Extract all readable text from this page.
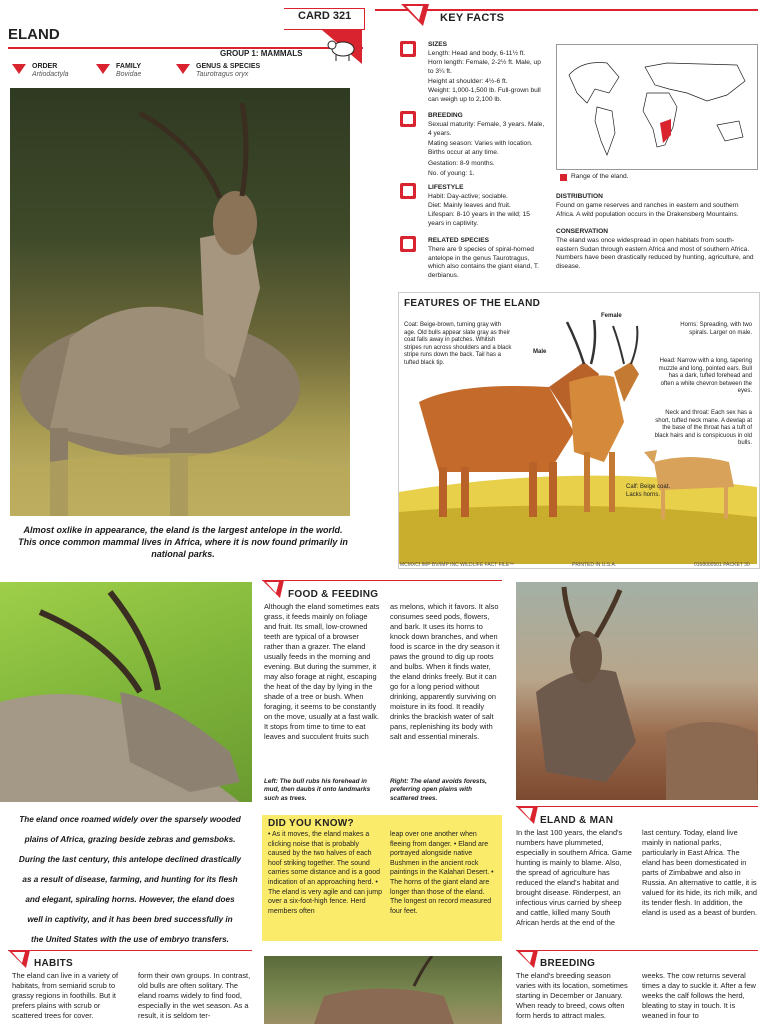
ELAND
CARD 321
GROUP 1: MAMMALS
ORDER
Artiodactyla
FAMILY
Bovidae
GENUS & SPECIES
Taurotragus oryx
Almost oxlike in appearance, the eland is the largest antelope in the world. This once common mammal lives in Africa, where it is now found primarily in national parks.
KEY FACTS
SIZES
Length: Head and body, 6-11½ ft.
Horn length: Female, 2-2½ ft. Male, up to 3¼ ft.
Height at shoulder: 4½-6 ft.
Weight: 1,000-1,500 lb. Full-grown bull can weigh up to 2,100 lb.
BREEDING
Sexual maturity: Female, 3 years. Male, 4 years.
Mating season: Varies with location. Births occur at any time.
Gestation: 8-9 months.
No. of young: 1.
LIFESTYLE
Habit: Day-active; sociable.
Diet: Mainly leaves and fruit.
Lifespan: 8-10 years in the wild; 15 years in captivity.
RELATED SPECIES
There are 9 species of spiral-horned antelope in the genus Taurotragus, which also contains the giant eland, T. derbianus.
Range of the eland.
DISTRIBUTION
Found on game reserves and ranches in eastern and southern Africa. A wild population occurs in the Drakensberg Mountains.
CONSERVATION
The eland was once widespread in open habitats from south-eastern Sudan through eastern Africa and most of southern Africa. Numbers have been drastically reduced by hunting, agriculture, and disease.
FEATURES OF THE ELAND
Coat: Beige-brown, turning gray with age. Old bulls appear slate gray as their coat falls away in patches. Whitish stripes run across shoulders and a black stripe runs down the back. Tail has a tufted black tip.
Female
Male
Horns: Spreading, with two spirals. Larger on male.
Head: Narrow with a long, tapering muzzle and long, pointed ears. Bull has a dark, tufted forehead and often a white chevron between the eyes.
Neck and throat: Each sex has a short, tufted neck mane. A dewlap at the base of the throat has a tuft of black hairs and is conspicuous in old bulls.
Calf: Beige coat. Lacks horns.
MCMXCI IMP BV/IMP INC WILDLIFE FACT FILE™	PRINTED IN U.S.A.	0168000501 PACKET 30
The eland once roamed widely over the sparsely wooded
plains of Africa, grazing beside zebras and gemsboks.
During the last century, this antelope declined drastically
as a result of disease, farming, and hunting for its flesh
and elegant, spiraling horns. However, the eland does
well in captivity, and it has been bred successfully in
the United States with the use of embryo transfers.
FOOD & FEEDING
Although the eland sometimes eats grass, it feeds mainly on foliage and fruit. Its small, low-crowned teeth are typical of a browser rather than a grazer. The eland usually feeds in the morning and evening. But during the summer, it may also forage at night, escaping the heat of the day by lying in the shade of a tree or bush. When foraging, it seems to be constantly on the move, usually at a fast walk. It stops from time to time to eat leaves and succulent fruits such
as melons, which it favors. It also consumes seed pods, flowers, and bark. It uses its horns to knock down branches, and when food is scarce in the dry season it paws the ground to dig up roots and bulbs. When it finds water, the eland drinks freely. But it can go for a long period without drinking, apparently surviving on moisture in its food. It readily drinks the brackish water of salt pans, replenishing its body with salt and essential minerals.
Left: The bull rubs his forehead in mud, then daubs it onto landmarks such as trees.
Right: The eland avoids forests, preferring open plains with scattered trees.
DID YOU KNOW?
• As it moves, the eland makes a clicking noise that is probably caused by the two halves of each hoof striking together. The sound carries some distance and is a good indication of an approaching herd. • The eland is very agile and can jump over a six-foot-high fence. Herd members often
leap over one another when fleeing from danger. • Eland are portrayed alongside native Bushmen in the ancient rock paintings in the Kalahari Desert. • The horns of the giant eland are longer than those of the eland. The longest on record measured four feet.
ELAND & MAN
In the last 100 years, the eland's numbers have plummeted, especially in southern Africa. Game hunting is mainly to blame. Also, the spread of agriculture has reduced the eland's habitat and brought disease. Rinderpest, an infectious virus carried by sheep and cattle, killed many South African herds at the end of the
last century. Today, eland live mainly in national parks, particularly in East Africa. The eland has been domesticated in parts of Zimbabwe and also in Russia. An alternative to cattle, it is valued for its hide, its rich milk, and its tender flesh. In addition, the eland is used as a beast of burden.
HABITS
The eland can live in a variety of habitats, from semiarid scrub to grassy regions in foothills. But it prefers plains with scrub or scattered trees for cover.
form their own groups. In contrast, old bulls are often solitary. The eland roams widely to find food, especially in the wet season. As a result, it is seldom ter-
BREEDING
The eland's breeding season varies with its location, sometimes starting in December or January. When ready to breed, cows often form herds to attract males.
weeks. The cow returns several times a day to suckle it. After a few weeks the calf follows the herd, bleating to stay in touch. It is weaned in four to
